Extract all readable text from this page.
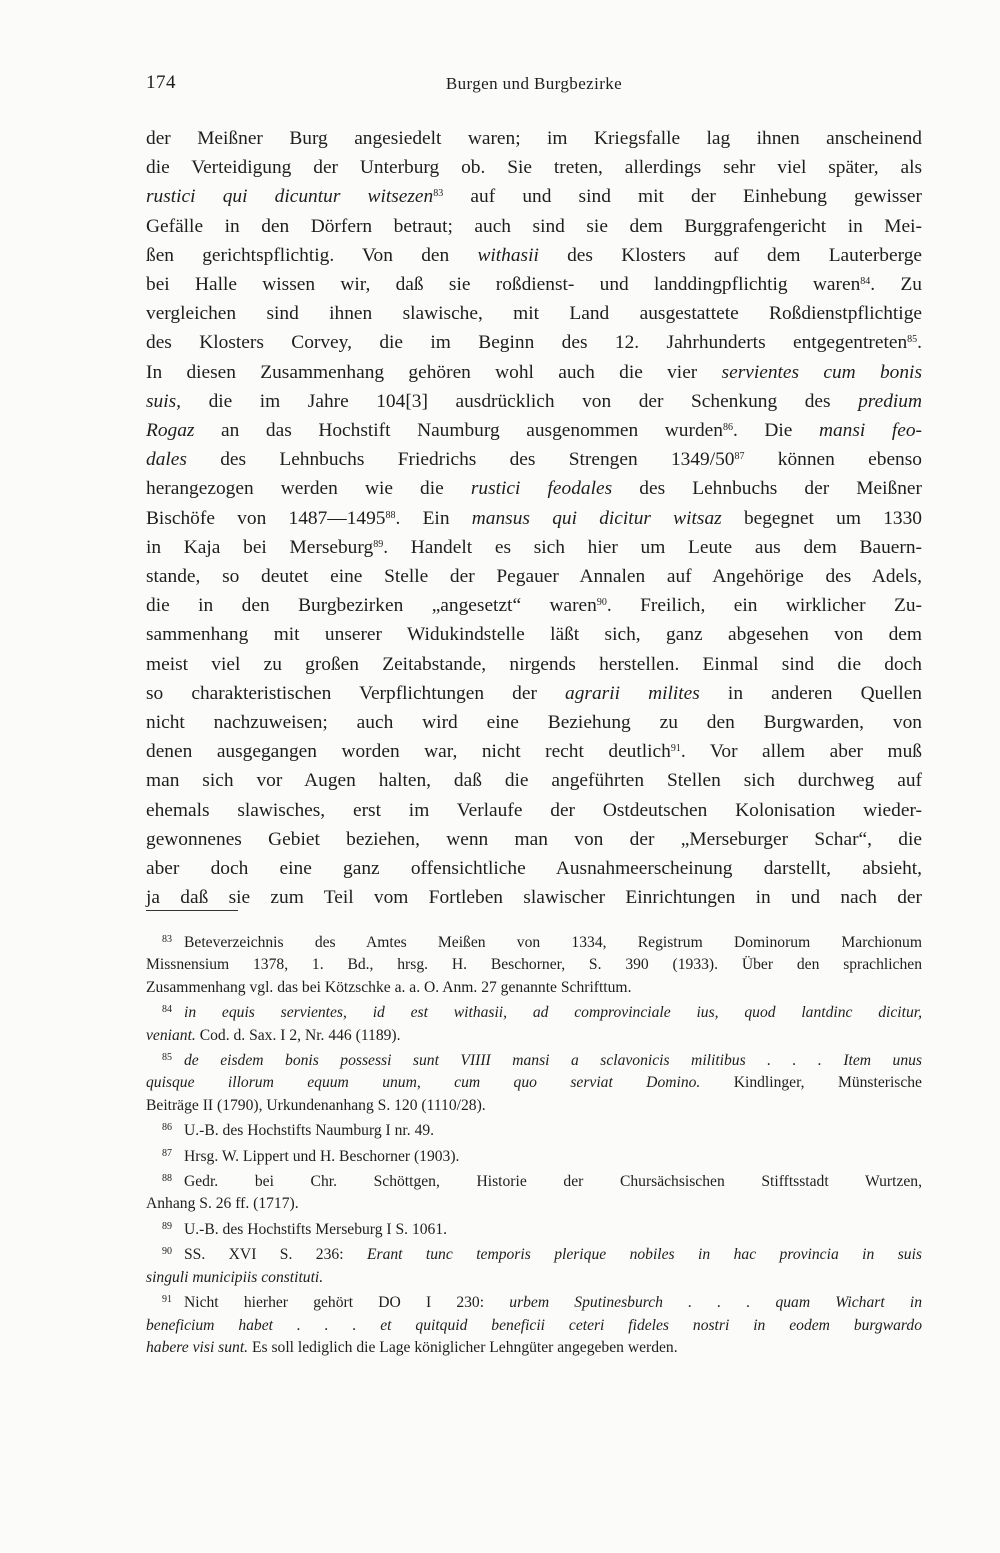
174	Burgen und Burgbezirke
der Meißner Burg angesiedelt waren; im Kriegsfalle lag ihnen anscheinend
die Verteidigung der Unterburg ob. Sie treten, allerdings sehr viel später, als
rustici qui dicuntur witsezen$^{83}$ auf und sind mit der Einhebung gewisser
Gefälle in den Dörfern betraut; auch sind sie dem Burggrafengericht in Mei-
ßen gerichtspflichtig. Von den withasii des Klosters auf dem Lauterberge
bei Halle wissen wir, daß sie roßdienst- und landdingpflichtig waren$^{84}$. Zu
vergleichen sind ihnen slawische, mit Land ausgestattete Roßdienstpflichtige
des Klosters Corvey, die im Beginn des 12. Jahrhunderts entgegentreten$^{85}$.
In diesen Zusammenhang gehören wohl auch die vier servientes cum bonis
suis, die im Jahre 104[3] ausdrücklich von der Schenkung des predium
Rogaz an das Hochstift Naumburg ausgenommen wurden$^{86}$. Die mansi feo-
dales des Lehnbuchs Friedrichs des Strengen $1349/50^{87}$ können ebenso
herangezogen werden wie die rustici feodales des Lehnbuchs der Meißner
Bischöfe von 1487—1495$^{88}$. Ein mansus qui dicitur witsaz begegnet um 1330
in Kaja bei Merseburg$^{89}$. Handelt es sich hier um Leute aus dem Bauern-
stande, so deutet eine Stelle der Pegauer Annalen auf Angehörige des Adels,
die in den Burgbezirken „angesetzt“ waren$^{90}$. Freilich, ein wirklicher Zu-
sammenhang mit unserer Widukindstelle läßt sich, ganz abgesehen von dem
meist viel zu großen Zeitabstande, nirgends herstellen. Einmal sind die doch
so charakteristischen Verpflichtungen der agrarii milites in anderen Quellen
nicht nachzuweisen; auch wird eine Beziehung zu den Burgwarden, von
denen ausgegangen worden war, nicht recht deutlich$^{91}$. Vor allem aber muß
man sich vor Augen halten, daß die angeführten Stellen sich durchweg auf
ehemals slawisches, erst im Verlaufe der Ostdeutschen Kolonisation wieder-
gewonnenes Gebiet beziehen, wenn man von der „Merseburger Schar“, die
aber doch eine ganz offensichtliche Ausnahmeerscheinung darstellt, absieht,
ja daß sie zum Teil vom Fortleben slawischer Einrichtungen in und nach der
$^{83}$ Beteverzeichnis des Amtes Meißen von 1334, Registrum Dominorum Marchionum
Missnensium 1378, 1. Bd., hrsg. H. Beschorner, S. 390 (1933). Über den sprachlichen
Zusammenhang vgl. das bei Kötzschke a. a. O. Anm. 27 genannte Schrifttum.
$^{84}$ in equis servientes, id est withasii, ad comprovinciale ius, quod lantdinc dicitur,
veniant. Cod. d. Sax. I 2, Nr. 446 (1189).
$^{85}$ de eisdem bonis possessi sunt VIIII mansi a sclavonicis militibus . . . Item unus
quisque illorum equum unum, cum quo serviat Domino. Kindlinger, Münsterische
Beiträge II (1790), Urkundenanhang S. 120 (1110/28).
$^{86}$ U.-B. des Hochstifts Naumburg I nr. 49.
$^{87}$ Hrsg. W. Lippert und H. Beschorner (1903).
$^{88}$ Gedr. bei Chr. Schöttgen, Historie der Chursächsischen Stifftsstadt Wurtzen,
Anhang S. 26 ff. (1717).
$^{89}$ U.-B. des Hochstifts Merseburg I S. 1061.
$^{90}$ SS. XVI S. 236: Erant tunc temporis plerique nobiles in hac provincia in suis
singuli municipiis constituti.
$^{91}$ Nicht hierher gehört DO I 230: urbem Sputinesburch . . . quam Wichart in
beneficium habet . . . et quitquid beneficii ceteri fideles nostri in eodem burgwardo
habere visi sunt. Es soll lediglich die Lage königlicher Lehngüter angegeben werden.
